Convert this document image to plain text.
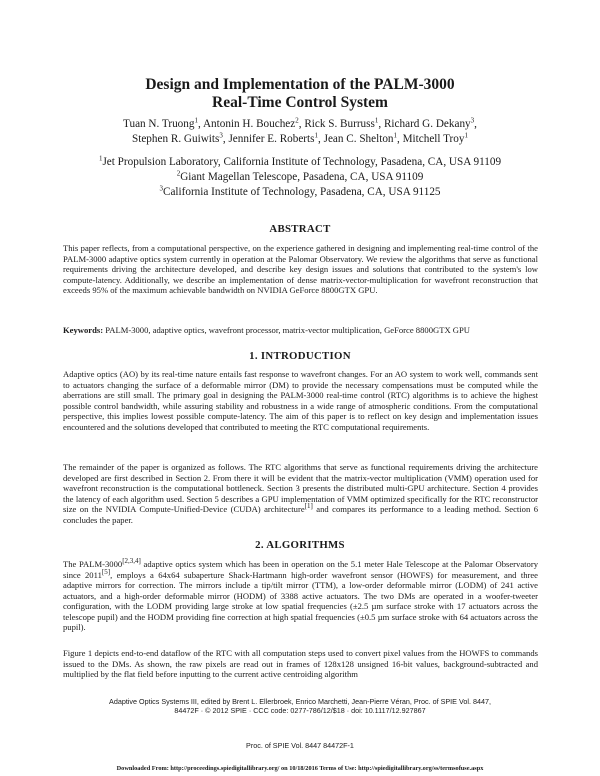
Design and Implementation of the PALM-3000
Real-Time Control System
Tuan N. Truong$^1$, Antonin H. Bouchez$^2$, Rick S. Burruss$^1$, Richard G. Dekany$^3$,
Stephen R. Guiwits$^3$, Jennifer E. Roberts$^1$, Jean C. Shelton$^1$, Mitchell Troy$^1$
$^1$Jet Propulsion Laboratory, California Institute of Technology, Pasadena, CA, USA 91109
$^2$Giant Magellan Telescope, Pasadena, CA, USA 91109
$^3$California Institute of Technology, Pasadena, CA, USA 91125
ABSTRACT
This paper reflects, from a computational perspective, on the experience gathered in designing and implementing real-time control of the PALM-3000 adaptive optics system currently in operation at the Palomar Observatory. We review the algorithms that serve as functional requirements driving the architecture developed, and describe key design issues and solutions that contributed to the system's low compute-latency. Additionally, we describe an implementation of dense matrix-vector-multiplication for wavefront reconstruction that exceeds 95% of the maximum achievable bandwidth on NVIDIA GeForce 8800GTX GPU.
Keywords: PALM-3000, adaptive optics, wavefront processor, matrix-vector multiplication, GeForce 8800GTX GPU
1. INTRODUCTION
Adaptive optics (AO) by its real-time nature entails fast response to wavefront changes. For an AO system to work well, commands sent to actuators changing the surface of a deformable mirror (DM) to provide the necessary compensations must be computed while the aberrations are still small. The primary goal in designing the PALM-3000 real-time control (RTC) algorithms is to achieve the highest possible control bandwidth, while assuring stability and robustness in a wide range of atmospheric conditions. From the computational perspective, this implies lowest possible compute-latency. The aim of this paper is to reflect on key design and implementation issues encountered and the solutions developed that contributed to meeting the RTC computational requirements.
The remainder of the paper is organized as follows. The RTC algorithms that serve as functional requirements driving the architecture developed are first described in Section 2. From there it will be evident that the matrix-vector multiplication (VMM) operation used for wavefront reconstruction is the computational bottleneck. Section 3 presents the distributed multi-GPU architecture. Section 4 provides the latency of each algorithm used. Section 5 describes a GPU implementation of VMM optimized specifically for the RTC reconstructor size on the NVIDIA Compute-Unified-Device (CUDA) architecture[1] and compares its performance to a leading method. Section 6 concludes the paper.
2. ALGORITHMS
The PALM-3000[2,3,4] adaptive optics system which has been in operation on the 5.1 meter Hale Telescope at the Palomar Observatory since 2011[5], employs a 64x64 subaperture Shack-Hartmann high-order wavefront sensor (HOWFS) for measurement, and three adaptive mirrors for correction. The mirrors include a tip/tilt mirror (TTM), a low-order deformable mirror (LODM) of 241 active actuators, and a high-order deformable mirror (HODM) of 3388 active actuators. The two DMs are operated in a woofer-tweeter configuration, with the LODM providing large stroke at low spatial frequencies (±2.5 µm surface stroke with 17 actuators across the telescope pupil) and the HODM providing fine correction at high spatial frequencies (±0.5 µm surface stroke with 64 actuators across the pupil).
Figure 1 depicts end-to-end dataflow of the RTC with all computation steps used to convert pixel values from the HOWFS to commands issued to the DMs. As shown, the raw pixels are read out in frames of 128x128 unsigned 16-bit values, background-subtracted and multiplied by the flat field before inputting to the current active centroiding algorithm
Adaptive Optics Systems III, edited by Brent L. Ellerbroek, Enrico Marchetti, Jean-Pierre Véran, Proc. of SPIE Vol. 8447,
84472F · © 2012 SPIE · CCC code: 0277-786/12/$18 · doi: 10.1117/12.927867
Proc. of SPIE Vol. 8447 84472F-1
Downloaded From: http://proceedings.spiedigitallibrary.org/ on 10/18/2016 Terms of Use: http://spiedigitallibrary.org/ss/termsofuse.aspx
